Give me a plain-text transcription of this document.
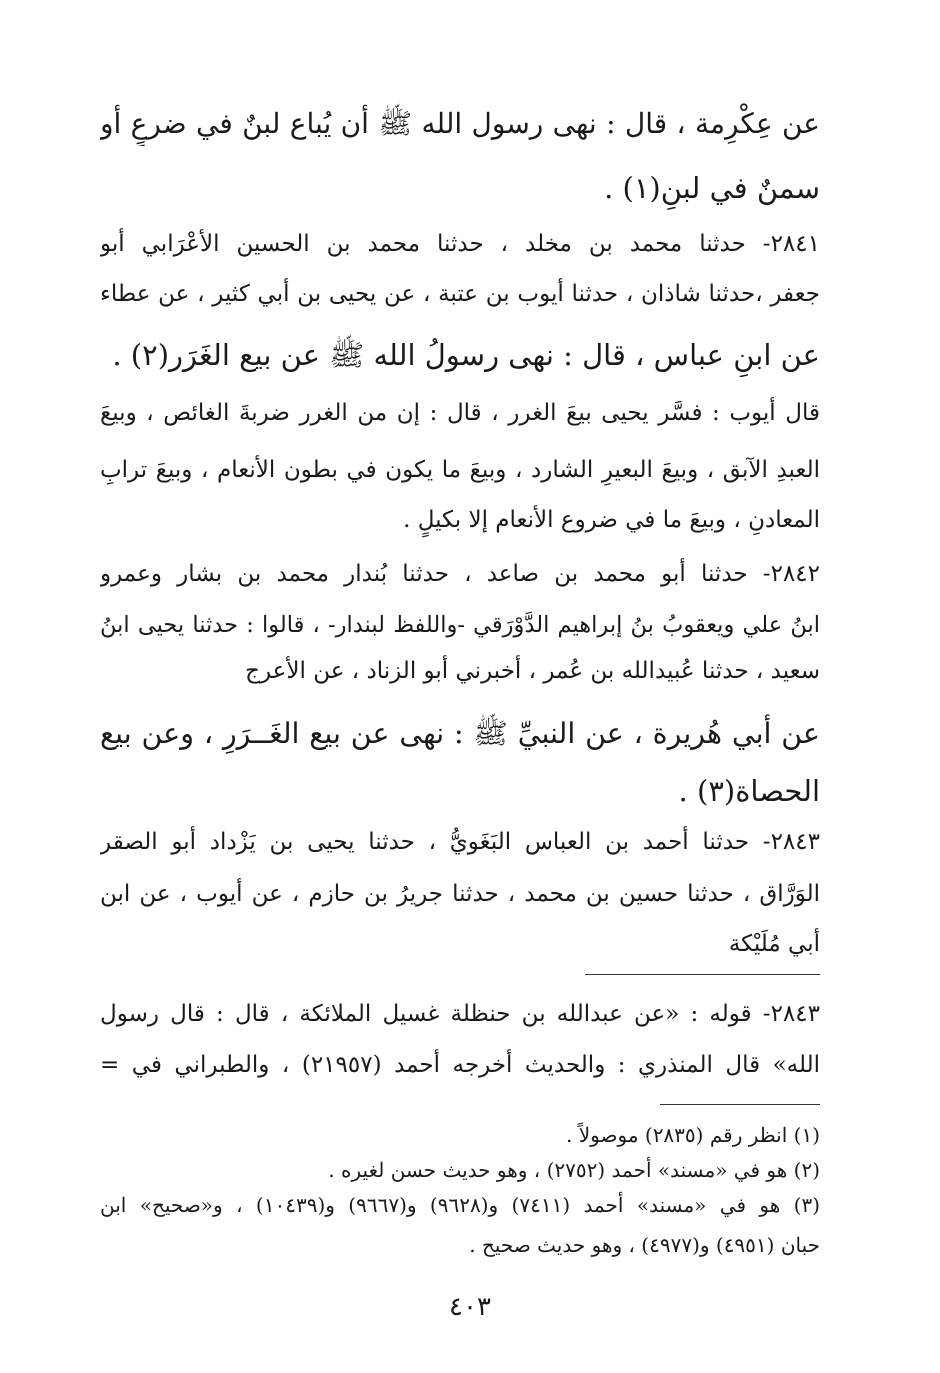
عن عِكْرِمة ، قال : نهى رسول الله ﷺ أن يُباع لبنٌ في ضرعٍ أو
سمنٌ في لبنٍ(١) .
٢٨٤١- حدثنا محمد بن مخلد ، حدثنا محمد بن الحسين الأعْرَابي أبو
جعفر ،حدثنا شاذان ، حدثنا أيوب بن عتبة ، عن يحيى بن أبي كثير ، عن عطاء
عن ابنِ عباس ، قال : نهى رسولُ الله ﷺ عن بيع الغَرَر(٢) .
قال أيوب : فسَّر يحيى بيعَ الغرر ، قال : إن من الغرر ضربةَ الغائص ، وبيعَ
العبدِ الآبق ، وبيعَ البعيرِ الشارد ، وبيعَ ما يكون في بطون الأنعام ، وبيعَ ترابِ
المعادنِ ، وبيعَ ما في ضروع الأنعام إلا بكيلٍ .
٢٨٤٢- حدثنا أبو محمد بن صاعد ، حدثنا بُندار محمد بن بشار وعمرو
ابنُ علي ويعقوبُ بنُ إبراهيم الدَّوْرَقي -واللفظ لبندار- ، قالوا : حدثنا يحيى ابنُ
سعيد ، حدثنا عُبيدالله بن عُمر ، أخبرني أبو الزناد ، عن الأعرج
عن أبي هُريرة ، عن النبيِّ ﷺ : نهى عن بيع الغَــرَرِ ، وعن بيع
الحصاة(٣) .
٢٨٤٣- حدثنا أحمد بن العباس البَغَويُّ ، حدثنا يحيى بن يَزْداد أبو الصقر
الوَرَّاق ، حدثنا حسين بن محمد ، حدثنا جريرُ بن حازم ، عن أيوب ، عن ابن
أبي مُلَيْكة
٢٨٤٣- قوله : «عن عبدالله بن حنظلة غسيل الملائكة ، قال : قال رسول
الله» قال المنذري : والحديث أخرجه أحمد (٢١٩٥٧) ، والطبراني في =
(١) انظر رقم (٢٨٣٥) موصولاً .
(٢) هو في «مسند» أحمد (٢٧٥٢) ، وهو حديث حسن لغيره .
(٣) هو في «مسند» أحمد (٧٤١١) و(٩٦٢٨) و(٩٦٦٧) و(١٠٤٣٩) ، و«صحيح» ابن
حبان (٤٩٥١) و(٤٩٧٧) ، وهو حديث صحيح .
٤٠٣
